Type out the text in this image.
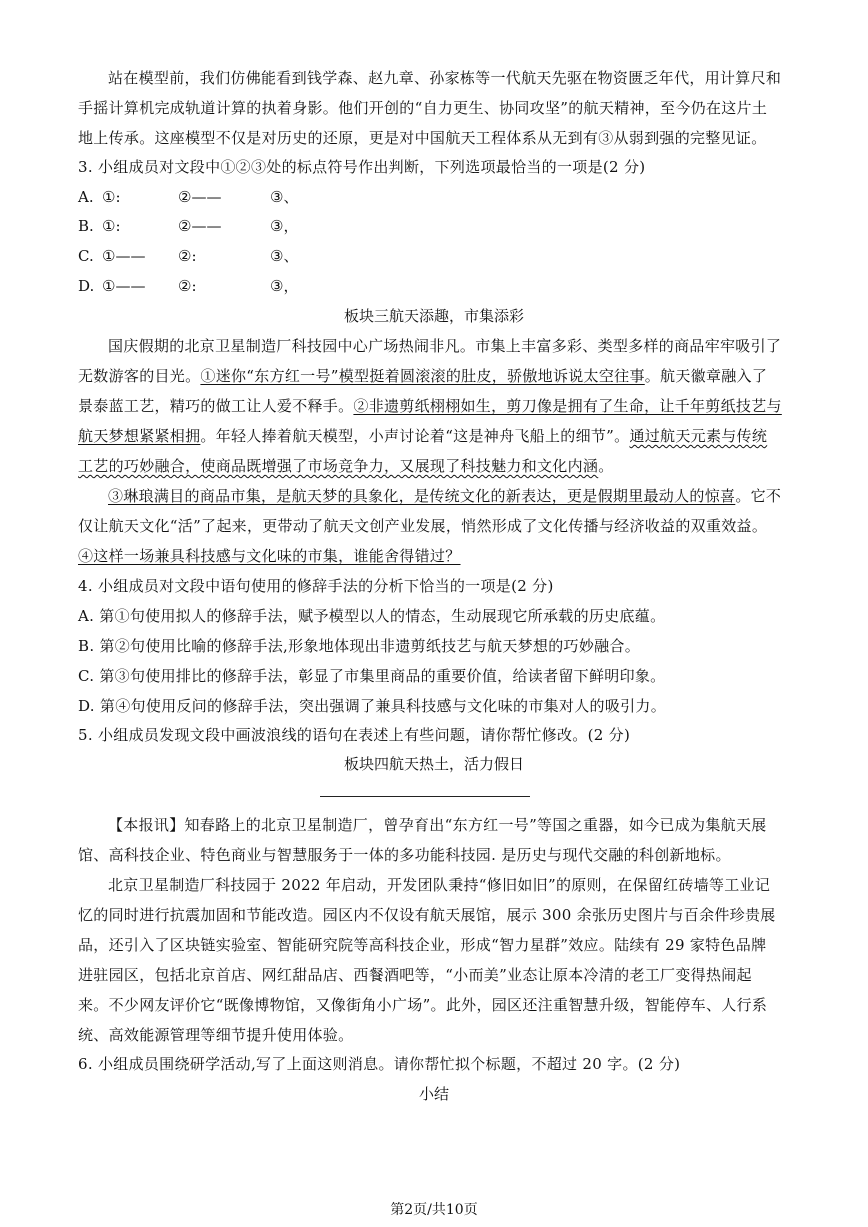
站在模型前，我们仿佛能看到钱学森、赵九章、孙家栋等一代航天先驱在物资匮乏年代，用计算尺和
手摇计算机完成轨道计算的执着身影。他们开创的“自力更生、协同攻坚”的航天精神，至今仍在这片土
地上传承。这座模型不仅是对历史的还原，更是对中国航天工程体系从无到有③从弱到强的完整见证。
3. 小组成员对文段中①②③处的标点符号作出判断，下列选项最恰当的一项是(2 分)
A. ①:	②——	③、
B. ①:	②——	③，
C. ①—— ②:	③、
D. ①—— ②:	③，
板块三航天添趣，市集添彩
国庆假期的北京卫星制造厂科技园中心广场热闹非凡。市集上丰富多彩、类型多样的商品牢牢吸引了
无数游客的目光。①迷你“东方红一号”模型挺着圆滚滚的肚皮，骄傲地诉说太空往事。航天徽章融入了
景泰蓝工艺，精巧的做工让人爱不释手。②非遗剪纸栩栩如生，剪刀像是拥有了生命，让千年剪纸技艺与
航天梦想紧紧相拥。年轻人捧着航天模型，小声讨论着“这是神舟飞船上的细节”。通过航天元素与传统
工艺的巧妙融合，使商品既增强了市场竞争力，又展现了科技魅力和文化内涵。
③琳琅满目的商品市集，是航天梦的具象化，是传统文化的新表达，更是假期里最动人的惊喜。它不
仅让航天文化“活”了起来，更带动了航天文创产业发展，悄然形成了文化传播与经济收益的双重效益。
④这样一场兼具科技感与文化味的市集，谁能舍得错过？
4. 小组成员对文段中语句使用的修辞手法的分析下恰当的一项是(2 分)
A. 第①句使用拟人的修辞手法，赋予模型以人的情态，生动展现它所承载的历史底蕴。
B. 第②句使用比喻的修辞手法,形象地体现出非遗剪纸技艺与航天梦想的巧妙融合。
C. 第③句使用排比的修辞手法，彰显了市集里商品的重要价值，给读者留下鲜明印象。
D. 第④句使用反问的修辞手法，突出强调了兼具科技感与文化味的市集对人的吸引力。
5. 小组成员发现文段中画波浪线的语句在表述上有些问题，请你帮忙修改。(2 分)
板块四航天热土，活力假日
【本报讯】知春路上的北京卫星制造厂，曾孕育出“东方红一号”等国之重器，如今已成为集航天展
馆、高科技企业、特色商业与智慧服务于一体的多功能科技园. 是历史与现代交融的科创新地标。
北京卫星制造厂科技园于 2022 年启动，开发团队秉持“修旧如旧”的原则，在保留红砖墙等工业记
忆的同时进行抗震加固和节能改造。园区内不仅设有航天展馆，展示 300 余张历史图片与百余件珍贵展
品，还引入了区块链实验室、智能研究院等高科技企业，形成“智力星群”效应。陆续有 29 家特色品牌
进驻园区，包括北京首店、网红甜品店、西餐酒吧等，“小而美”业态让原本冷清的老工厂变得热闹起
来。不少网友评价它“既像博物馆，又像街角小广场”。此外，园区还注重智慧升级，智能停车、人行系
统、高效能源管理等细节提升使用体验。
6. 小组成员围绕研学活动,写了上面这则消息。请你帮忙拟个标题，不超过 20 字。(2 分)
小结
第2页/共10页
